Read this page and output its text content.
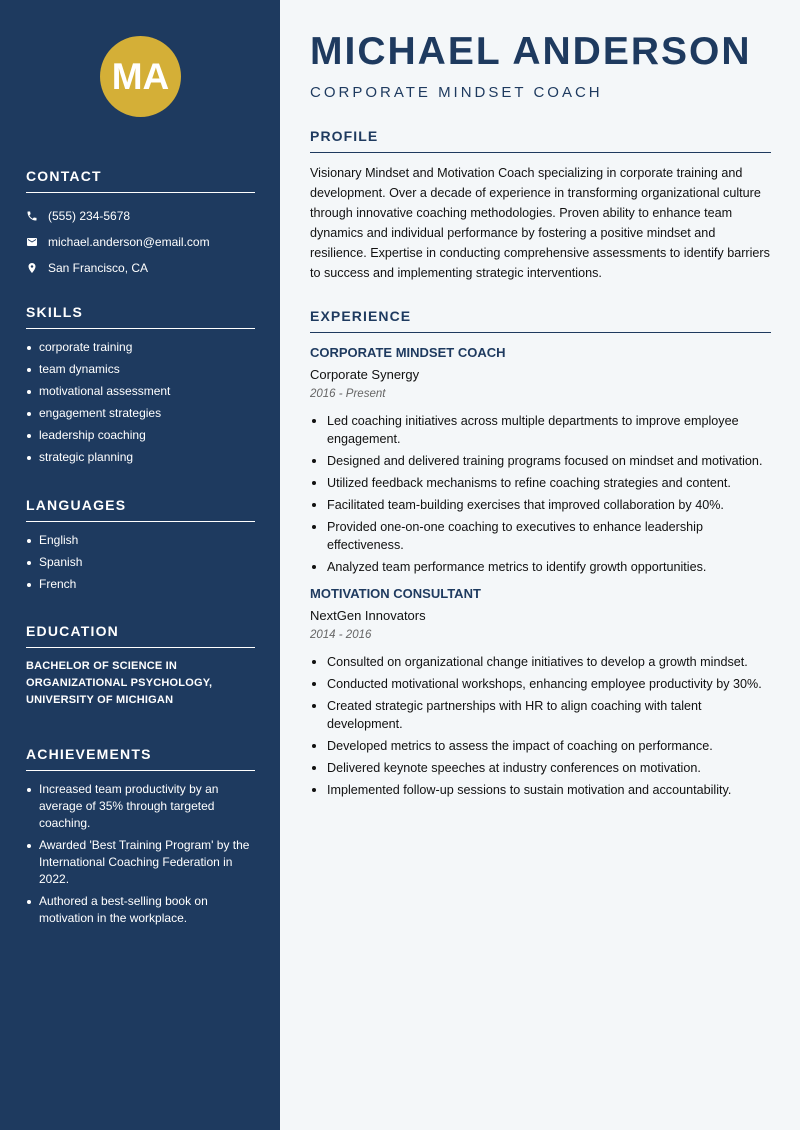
MA
CONTACT
(555) 234-5678
michael.anderson@email.com
San Francisco, CA
SKILLS
corporate training
team dynamics
motivational assessment
engagement strategies
leadership coaching
strategic planning
LANGUAGES
English
Spanish
French
EDUCATION
BACHELOR OF SCIENCE IN ORGANIZATIONAL PSYCHOLOGY, UNIVERSITY OF MICHIGAN
ACHIEVEMENTS
Increased team productivity by an average of 35% through targeted coaching.
Awarded 'Best Training Program' by the International Coaching Federation in 2022.
Authored a best-selling book on motivation in the workplace.
MICHAEL ANDERSON
CORPORATE MINDSET COACH
PROFILE

Visionary Mindset and Motivation Coach specializing in corporate training and development. Over a decade of experience in transforming organizational culture through innovative coaching methodologies. Proven ability to enhance team dynamics and individual performance by fostering a positive mindset and resilience. Expertise in conducting comprehensive assessments to identify barriers to success and implementing strategic interventions.

EXPERIENCE
CORPORATE MINDSET COACH
Corporate Synergy
2016 - Present
Led coaching initiatives across multiple departments to improve employee engagement.
Designed and delivered training programs focused on mindset and motivation.
Utilized feedback mechanisms to refine coaching strategies and content.
Facilitated team-building exercises that improved collaboration by 40%.
Provided one-on-one coaching to executives to enhance leadership effectiveness.
Analyzed team performance metrics to identify growth opportunities.
MOTIVATION CONSULTANT
NextGen Innovators
2014 - 2016
Consulted on organizational change initiatives to develop a growth mindset.
Conducted motivational workshops, enhancing employee productivity by 30%.
Created strategic partnerships with HR to align coaching with talent development.
Developed metrics to assess the impact of coaching on performance.
Delivered keynote speeches at industry conferences on motivation.
Implemented follow-up sessions to sustain motivation and accountability.
